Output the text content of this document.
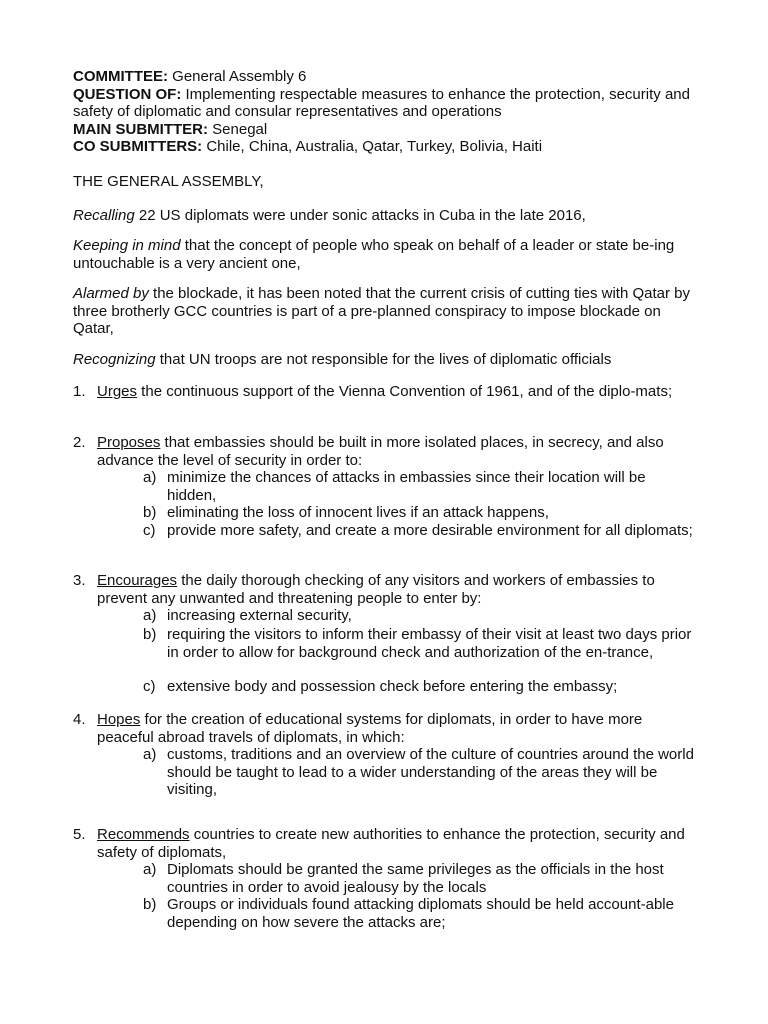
COMMITTEE: General Assembly 6

QUESTION OF: Implementing respectable measures to enhance the protection, security and safety of diplomatic and consular representatives and operations

MAIN SUBMITTER: Senegal

CO SUBMITTERS: Chile, China, Australia, Qatar, Turkey, Bolivia, Haiti

THE GENERAL ASSEMBLY,

Recalling 22 US diplomats were under sonic attacks in Cuba in the late 2016,

Keeping in mind that the concept of people who speak on behalf of a leader or state be-ing untouchable is a very ancient one,

Alarmed by the blockade, it has been noted that the current crisis of cutting ties with Qatar by three brotherly GCC countries is part of a pre-planned conspiracy to impose blockade on Qatar,

Recognizing that UN troops are not responsible for the lives of diplomatic officials

1. Urges the continuous support of the Vienna Convention of 1961, and of the diplo-mats;
2. Proposes that embassies should be built in more isolated places, in secrecy, and also advance the level of security in order to:
a) minimize the chances of attacks in embassies since their location will be hidden,
b) eliminating the loss of innocent lives if an attack happens,
c) provide more safety, and create a more desirable environment for all diplomats;
3. Encourages the daily thorough checking of any visitors and workers of embassies to prevent any unwanted and threatening people to enter by:
a) increasing external security,
b) requiring the visitors to inform their embassy of their visit at least two days prior in order to allow for background check and authorization of the en-trance,
c) extensive body and possession check before entering the embassy;
4. Hopes for the creation of educational systems for diplomats, in order to have more peaceful abroad travels of diplomats, in which:
a) customs, traditions and an overview of the culture of countries around the world should be taught to lead to a wider understanding of the areas they will be visiting,
5. Recommends countries to create new authorities to enhance the protection, security and safety of diplomats,
a) Diplomats should be granted the same privileges as the officials in the host countries in order to avoid jealousy by the locals
b) Groups or individuals found attacking diplomats should be held account-able depending on how severe the attacks are;
